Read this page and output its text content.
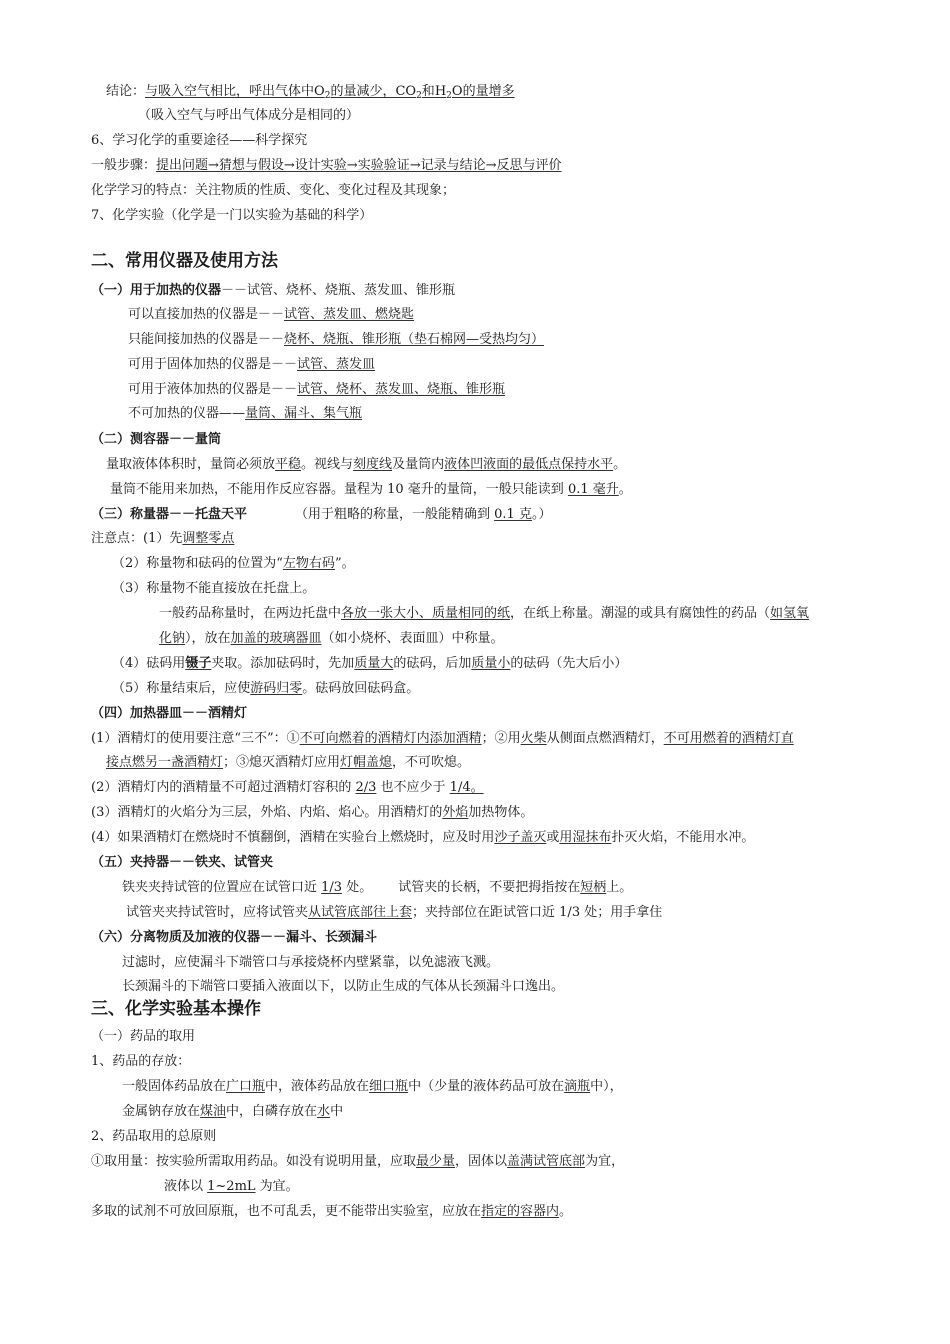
结论：与吸入空气相比，呼出气体中$O_2$的量减少，$CO_2$和$H_2O$的量增多
（吸入空气与呼出气体成分是相同的）
6、学习化学的重要途径——科学探究
一般步骤：提出问题→猜想与假设→设计实验→实验验证→记录与结论→反思与评价
化学学习的特点：关注物质的性质、变化、变化过程及其现象；
7、化学实验（化学是一门以实验为基础的科学）
二、常用仪器及使用方法
（一）用于加热的仪器－－试管、烧杯、烧瓶、蒸发皿、锥形瓶
可以直接加热的仪器是－－试管、蒸发皿、燃烧匙
只能间接加热的仪器是－－烧杯、烧瓶、锥形瓶（垫石棉网—受热均匀）
可用于固体加热的仪器是－－试管、蒸发皿
可用于液体加热的仪器是－－试管、烧杯、蒸发皿、烧瓶、锥形瓶
不可加热的仪器——量筒、漏斗、集气瓶
（二）测容器－－量筒
量取液体体积时，量筒必须放平稳。视线与刻度线及量筒内液体凹液面的最低点保持水平。
量筒不能用来加热，不能用作反应容器。量程为 10 毫升的量筒，一般只能读到 0.1 毫升。
（三）称量器－－托盘天平	（用于粗略的称量，一般能精确到 0.1 克。）
注意点：(1）先调整零点
（2）称量物和砝码的位置为“左物右码”。
（3）称量物不能直接放在托盘上。
一般药品称量时，在两边托盘中各放一张大小、质量相同的纸，在纸上称量。潮湿的或具有腐蚀性的药品（如氢氧
化钠），放在加盖的玻璃器皿（如小烧杯、表面皿）中称量。
（4）砝码用镊子夹取。添加砝码时，先加质量大的砝码，后加质量小的砝码（先大后小）
（5）称量结束后，应使游码归零。砝码放回砝码盒。
（四）加热器皿－－酒精灯
(1）酒精灯的使用要注意“三不”：①不可向燃着的酒精灯内添加酒精；②用火柴从侧面点燃酒精灯，不可用燃着的酒精灯直
接点燃另一盏酒精灯；③熄灭酒精灯应用灯帽盖熄，不可吹熄。
(2）酒精灯内的酒精量不可超过酒精灯容积的 2/3 也不应少于 1/4。
(3）酒精灯的火焰分为三层，外焰、内焰、焰心。用酒精灯的外焰加热物体。
(4）如果酒精灯在燃烧时不慎翻倒，酒精在实验台上燃烧时，应及时用沙子盖灭或用湿抹布扑灭火焰，不能用水冲。
（五）夹持器－－铁夹、试管夹
铁夹夹持试管的位置应在试管口近 1/3 处。 试管夹的长柄，不要把拇指按在短柄上。
试管夹夹持试管时，应将试管夹从试管底部往上套；夹持部位在距试管口近 1/3 处；用手拿住
（六）分离物质及加液的仪器－－漏斗、长颈漏斗
过滤时，应使漏斗下端管口与承接烧杯内壁紧靠，以免滤液飞溅。
长颈漏斗的下端管口要插入液面以下，以防止生成的气体从长颈漏斗口逸出。
三、化学实验基本操作
（一）药品的取用
1、药品的存放：
一般固体药品放在广口瓶中，液体药品放在细口瓶中（少量的液体药品可放在滴瓶中），
金属钠存放在煤油中，白磷存放在水中
2、药品取用的总原则
①取用量：按实验所需取用药品。如没有说明用量，应取最少量，固体以盖满试管底部为宜，
液体以 1~2mL 为宜。
多取的试剂不可放回原瓶，也不可乱丢，更不能带出实验室，应放在指定的容器内。
